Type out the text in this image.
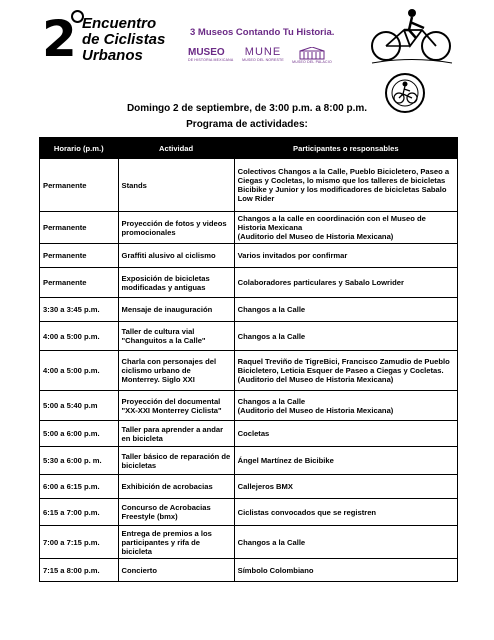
2 Encuentro
de Ciclistas
Urbanos
3 Museos Contando Tu Historia.
MUSEO
DE HISTORIA MEXICANA
MUNE
MUSEO DEL NORESTE	MUSEO DEL PALACIO
Domingo 2 de septiembre, de 3:00 p.m. a 8:00 p.m.
Programa de actividades:
Horario (p.m.)	Actividad	Participantes o responsables
Permanente	Stands	Colectivos Changos a la Calle, Pueblo Bicicletero, Paseo a Ciegas y Cocletas, lo mismo que los talleres de bicicletas Bicibike y Junior y los modificadores de bicicletas Sabalo Low Rider
Permanente	Proyección de fotos y videos promocionales	Changos a la calle en coordinación con el Museo de Historia Mexicana
(Auditorio del Museo de Historia Mexicana)
Permanente	Graffiti alusivo al ciclismo	Varios invitados por confirmar
Permanente	Exposición de bicicletas modificadas y antiguas	Colaboradores particulares y Sabalo Lowrider
3:30 a 3:45 p.m.	Mensaje de inauguración	Changos a la Calle
4:00 a 5:00 p.m.	Taller de cultura vial "Changuitos a la Calle"	Changos a la Calle
4:00 a 5:00 p.m.	Charla con personajes del ciclismo urbano de Monterrey. Siglo XXI	Raquel Treviño de TigreBici, Francisco Zamudio de Pueblo Bicicletero, Leticia Esquer de Paseo a Ciegas y Cocletas.
(Auditorio del Museo de Historia Mexicana)
5:00 a 5:40 p.m	Proyección del documental "XX-XXI Monterrey Ciclista"	Changos a la Calle
(Auditorio del Museo de Historia Mexicana)
5:00 a 6:00 p.m.	Taller para aprender a andar en bicicleta	Cocletas
5:30 a 6:00 p. m.	Taller básico de reparación de bicicletas	Ángel Martínez de Bicibike
6:00 a 6:15 p.m.	Exhibición de acrobacias	Callejeros BMX
6:15 a 7:00 p.m.	Concurso de Acrobacias Freestyle (bmx)	Ciclistas convocados que se registren
7:00 a 7:15 p.m.	Entrega de premios a los participantes y rifa de bicicleta	Changos a la Calle
7:15 a 8:00 p.m.	Concierto	Símbolo Colombiano
